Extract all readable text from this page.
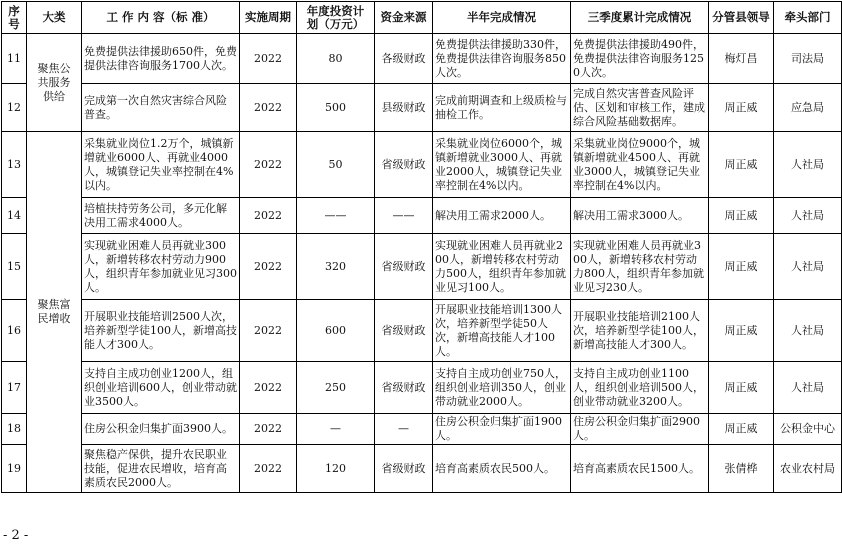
序号	大类	工 作 内 容（标 准）	实施周期	年度投资计划（万元）	资金来源	半年完成情况	三季度累计完成情况	分管县领导	牵头部门
11	聚焦公共服务供给	免费提供法律援助650件，免费提供法律咨询服务1700人次。	2022	80	各级财政	免费提供法律援助330件，免费提供法律咨询服务850人次。	免费提供法律援助490件，免费提供法律咨询服务1250人次。	梅灯昌	司法局
12		完成第一次自然灾害综合风险普查。	2022	500	县级财政	完成前期调查和上级质检与抽检工作。	完成自然灾害普查风险评估、区划和审核工作，建成综合风险基础数据库。	周正威	应急局
13	聚焦富民增收	采集就业岗位1.2万个，城镇新增就业6000人、再就业4000人，城镇登记失业率控制在4%以内。	2022	50	省级财政	采集就业岗位6000个，城镇新增就业3000人、再就业2000人，城镇登记失业率控制在4%以内。	采集就业岗位9000个，城镇新增就业4500人、再就业3000人，城镇登记失业率控制在4%以内。	周正威	人社局
14		培植扶持劳务公司，多元化解决用工需求4000人。	2022	——	——	解决用工需求2000人。	解决用工需求3000人。	周正威	人社局
15		实现就业困难人员再就业300人，新增转移农村劳动力900人，组织青年参加就业见习300人。	2022	320	省级财政	实现就业困难人员再就业200人，新增转移农村劳动力500人，组织青年参加就业见习100人。	实现就业困难人员再就业300人，新增转移农村劳动力800人，组织青年参加就业见习230人。	周正威	人社局
16		开展职业技能培训2500人次，培养新型学徒100人，新增高技能人才300人。	2022	600	省级财政	开展职业技能培训1300人次，培养新型学徒50人次，新增高技能人才100人。	开展职业技能培训2100人次，培养新型学徒100人，新增高技能人才300人。	周正威	人社局
17		支持自主成功创业1200人，组织创业培训600人，创业带动就业3500人。	2022	250	省级财政	支持自主成功创业750人，组织创业培训350人，创业带动就业2000人。	支持自主成功创业1100人，组织创业培训500人，创业带动就业3200人。	周正威	人社局
18		住房公积金归集扩面3900人。	2022	—	—	住房公积金归集扩面1900人。	住房公积金归集扩面2900人。	周正威	公积金中心
19		聚焦稳产保供，提升农民职业技能，促进农民增收，培育高素质农民2000人。	2022	120	省级财政	培育高素质农民500人。	培育高素质农民1500人。	张倩桦	农业农村局
- 2 -
